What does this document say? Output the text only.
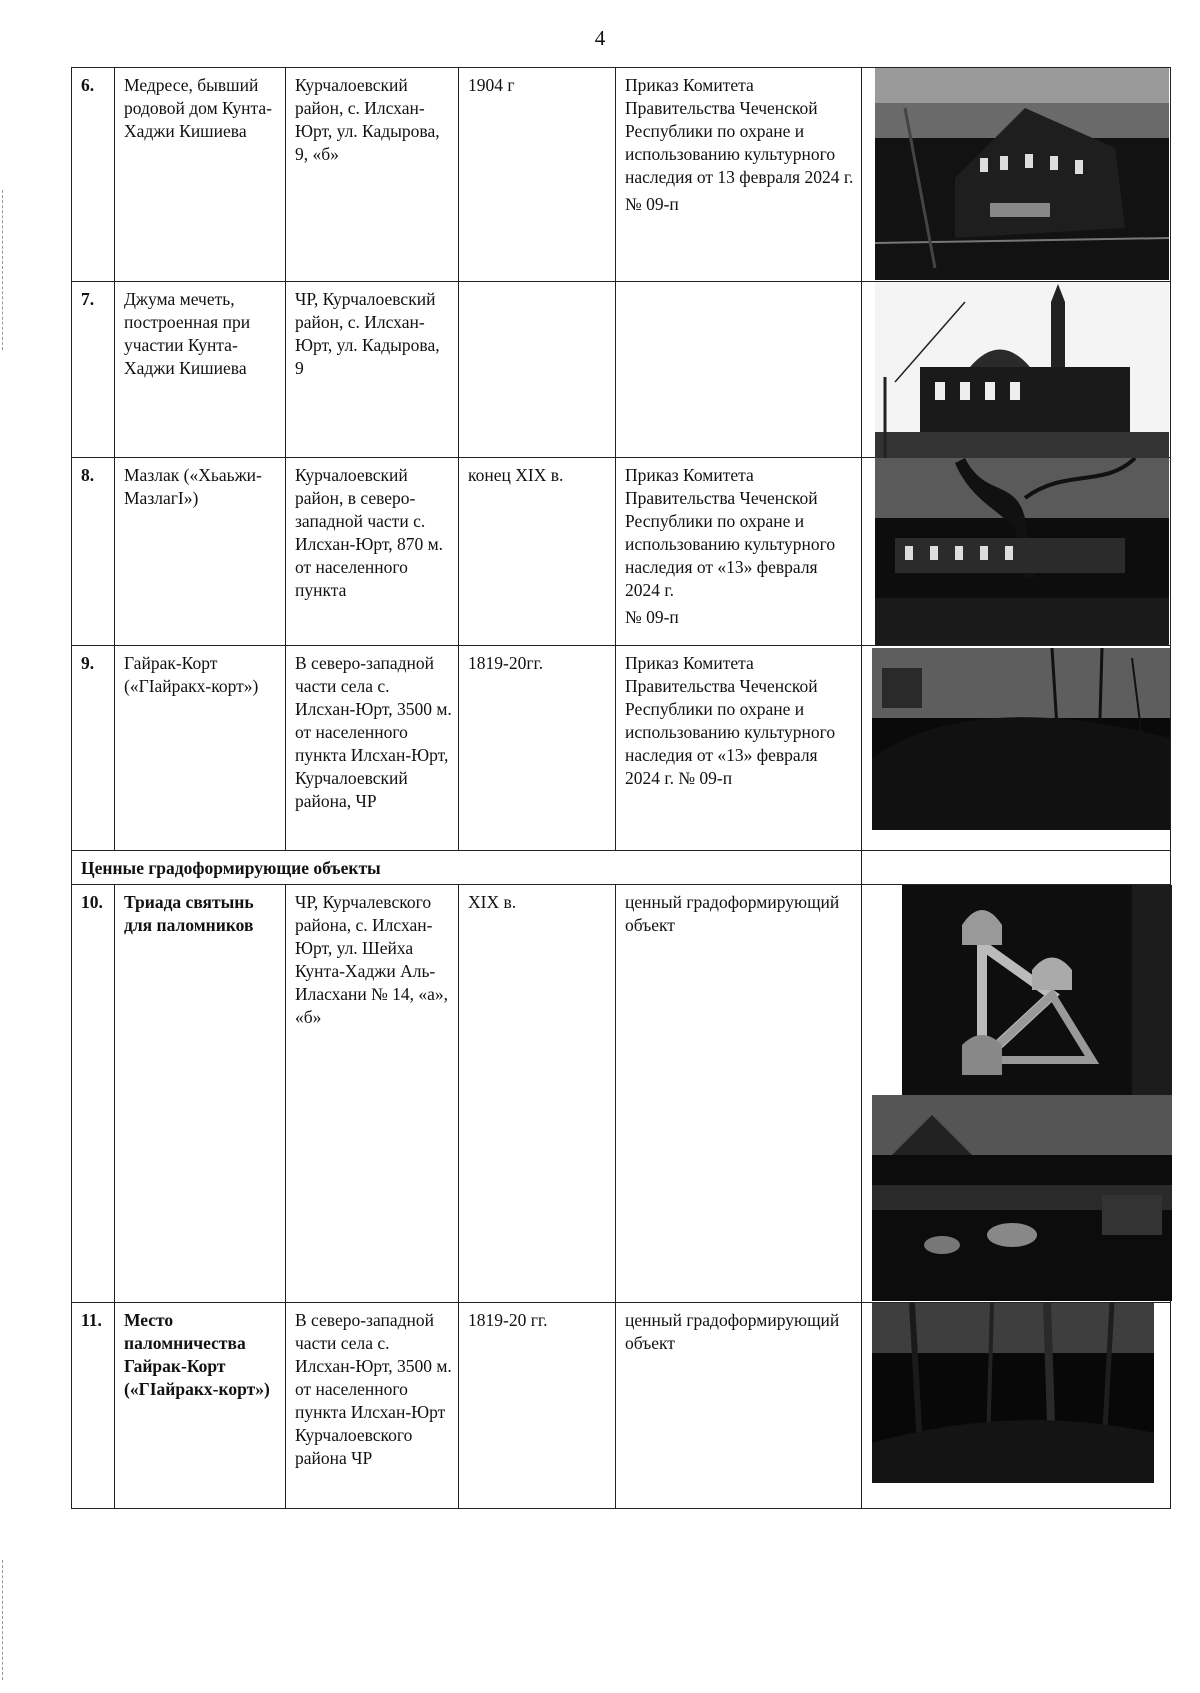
4
6.	Медресе, бывший родовой дом Кунта-Хаджи Кишиева	Курчалоевский район, с. Илсхан-Юрт, ул. Кадырова, 9, «б»	1904 г	Приказ Комитета Правительства Чеченской Республики по охране и использованию культурного наследия от 13 февраля 2024 г.
№ 09-п

7.	Джума мечеть, построенная при участии Кунта-Хаджи Кишиева	ЧР, Курчалоевский район, с. Илсхан-Юрт, ул. Кадырова, 9			

8.	Мазлак («Хьаьжи-МазлагІ»)	Курчалоевский район, в северо-западной части с. Илсхан-Юрт, 870 м. от населенного пункта	конец XIX в.	Приказ Комитета Правительства Чеченской Республики по охране и использованию культурного наследия от «13» февраля 2024 г.
№ 09-п

9.	Гайрак-Корт («ГІайракх-корт»)	В северо-западной части села с. Илсхан-Юрт, 3500 м. от населенного пункта Илсхан-Юрт, Курчалоевский района, ЧР	1819-20гг.	Приказ Комитета Правительства Чеченской Республики по охране и использованию культурного наследия от «13» февраля 2024 г. № 09-п	

Ценные градоформирующие объекты					
10.	Триада святынь для паломников	ЧР, Курчалевского района, с. Илсхан-Юрт, ул. Шейха Кунта-Хаджи Аль-Иласхани № 14, «а», «б»	XIX в.	ценный градоформирующий объект	

11.	Место паломничества Гайрак-Корт («ГІайракх-корт»)	В северо-западной части села с. Илсхан-Юрт, 3500 м. от населенного пункта Илсхан-Юрт Курчалоевского района ЧР	1819-20 гг.	ценный градоформирующий объект	
